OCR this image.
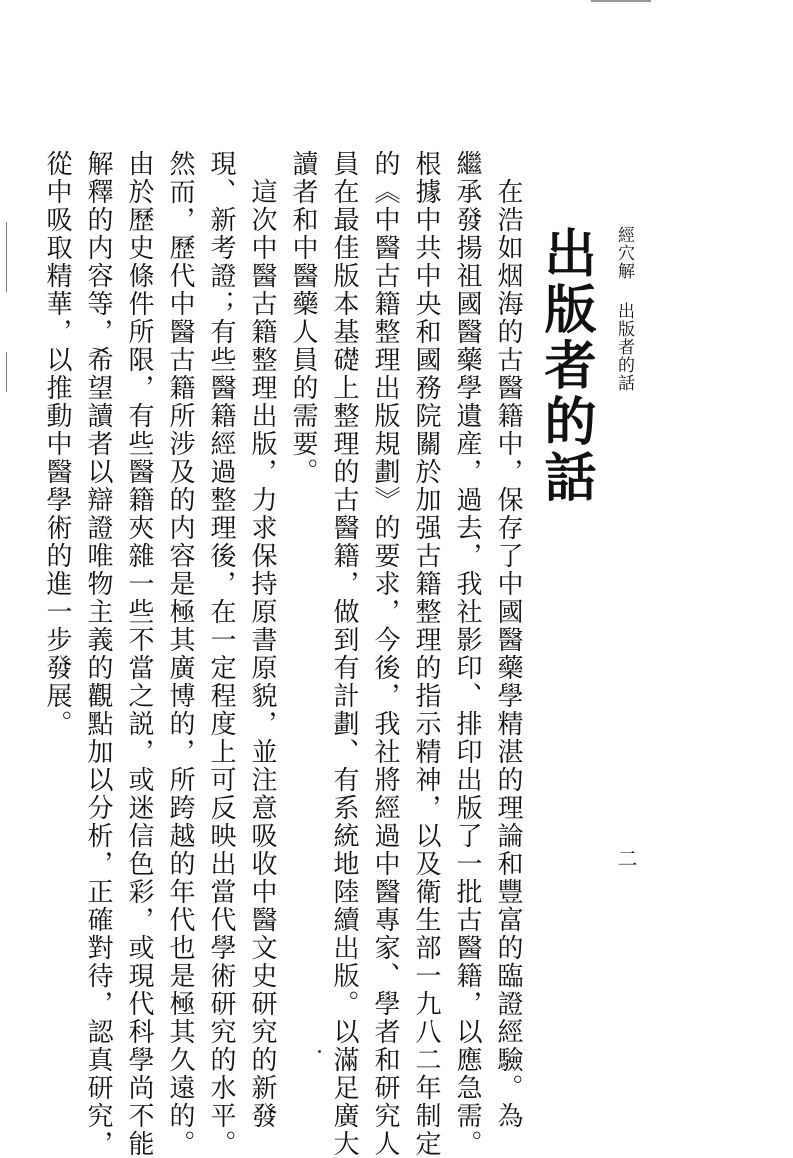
經穴解出版者的話
二
出版者的話
　在浩如烟海的古醫籍中，保存了中國醫藥學精湛的理論和豐富的臨證經驗。為
繼承發揚祖國醫藥學遺産，過去，我社影印、排印出版了一批古醫籍，以應急需。
根據中共中央和國務院關於加强古籍整理的指示精神，以及衛生部一九八二年制定
的《中醫古籍整理出版規劃》的要求，今後，我社將經過中醫專家、學者和研究人
員在最佳版本基礎上整理的古醫籍，做到有計劃、有系統地陸續出版。以滿足廣大
讀者和中醫藥人員的需要。
　這次中醫古籍整理出版，力求保持原書原貌，並注意吸收中醫文史研究的新發
現、新考證；有些醫籍經過整理後，在一定程度上可反映出當代學術研究的水平。
然而，歷代中醫古籍所涉及的内容是極其廣博的，所跨越的年代也是極其久遠的。
由於歷史條件所限，有些醫籍夾雜一些不當之説，或迷信色彩，或現代科學尚不能
解釋的内容等，希望讀者以辯證唯物主義的觀點加以分析，正確對待，認真研究，
從中吸取精華，以推動中醫學術的進一步發展。
